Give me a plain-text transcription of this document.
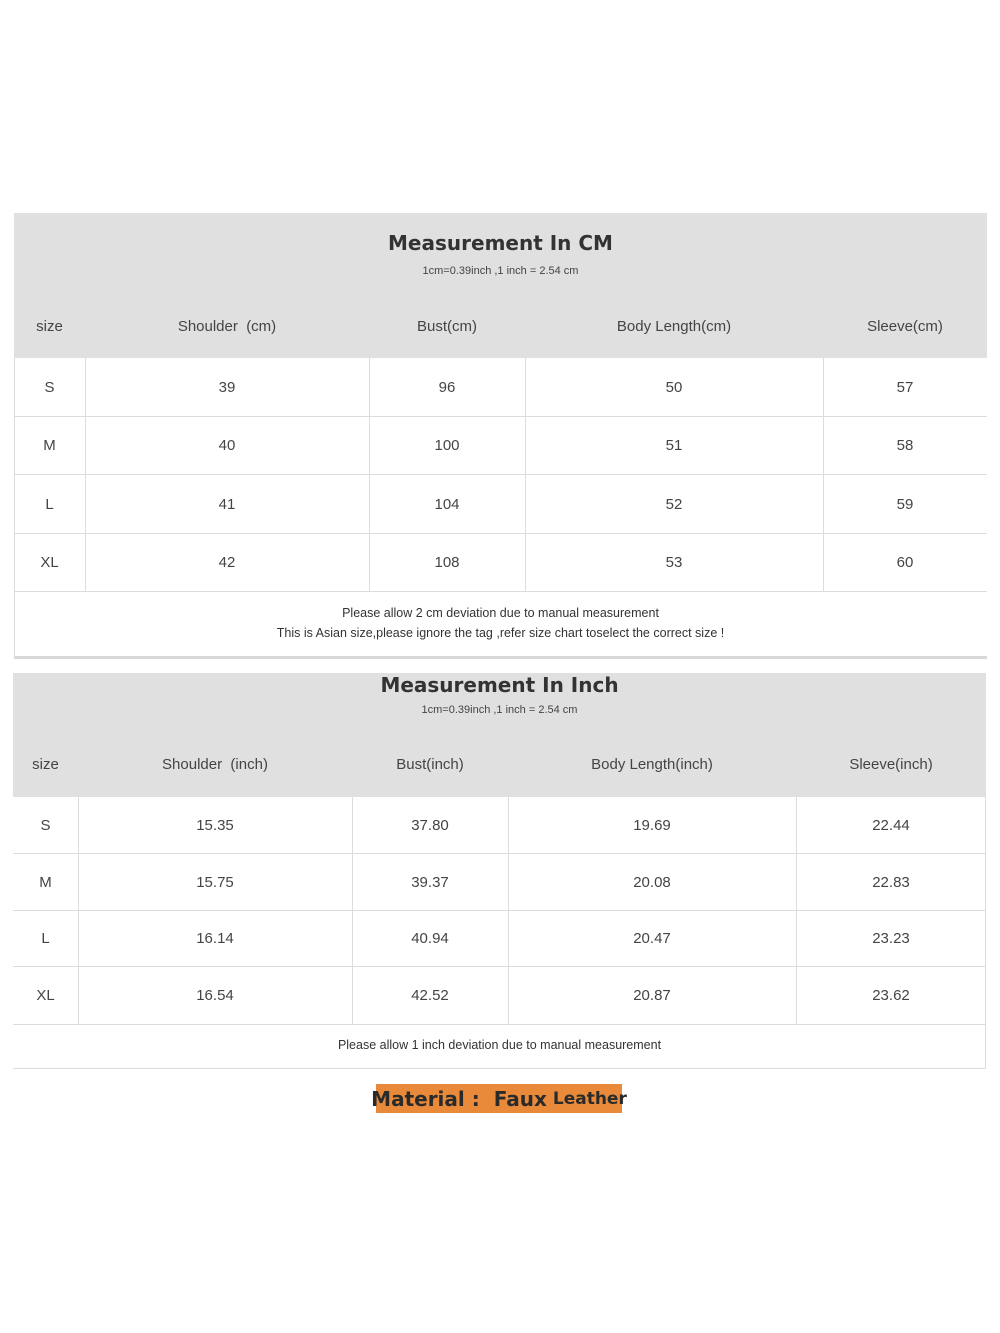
Measurement In CM
1cm=0.39inch ,1 inch = 2.54 cm
size	Shoulder  (cm)	Bust(cm)	Body Length(cm)	Sleeve(cm)
S	39	96	50	57
M	40	100	51	58
L	41	104	52	59
XL	42	108	53	60
Please allow 2 cm deviation due to manual measurement
This is Asian size,please ignore the tag ,refer size chart toselect the correct size !
Measurement In Inch
1cm=0.39inch ,1 inch = 2.54 cm
size	Shoulder  (inch)	Bust(inch)	Body Length(inch)	Sleeve(inch)
S	15.35	37.80	19.69	22.44
M	15.75	39.37	20.08	22.83
L	16.14	40.94	20.47	23.23
XL	16.54	42.52	20.87	23.62
Please allow 1 inch deviation due to manual measurement
Material : Faux Leather
